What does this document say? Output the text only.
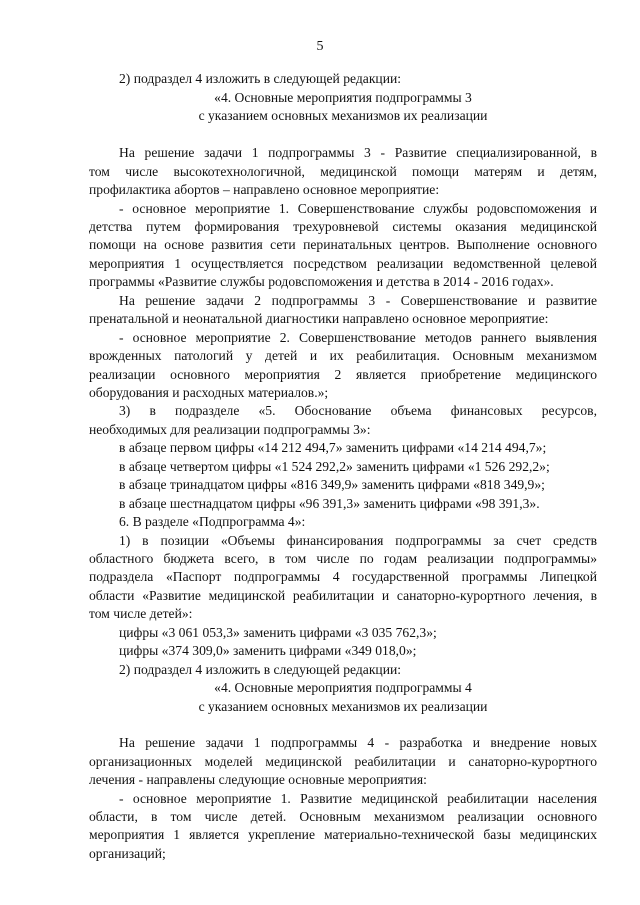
5
2) подраздел 4 изложить в следующей редакции:
«4. Основные мероприятия подпрограммы 3
с указанием основных механизмов их реализации
На решение задачи 1 подпрограммы 3 - Развитие специализированной, в
том числе высокотехнологичной, медицинской помощи матерям и детям,
профилактика абортов – направлено основное мероприятие:
- основное мероприятие 1. Совершенствование службы родовспоможения и
детства путем формирования трехуровневой системы оказания медицинской
помощи на основе развития сети перинатальных центров. Выполнение основного
мероприятия 1 осуществляется посредством реализации ведомственной целевой
программы «Развитие службы родовспоможения и детства в 2014 - 2016 годах».
На решение задачи 2 подпрограммы 3 - Совершенствование и развитие
пренатальной и неонатальной диагностики направлено основное мероприятие:
- основное мероприятие 2. Совершенствование методов раннего выявления
врожденных патологий у детей и их реабилитация. Основным механизмом
реализации основного мероприятия 2 является приобретение медицинского
оборудования и расходных материалов.»;
3) в подразделе «5. Обоснование объема финансовых ресурсов,
необходимых для реализации подпрограммы 3»:
в абзаце первом цифры «14 212 494,7» заменить цифрами «14 214 494,7»;
в абзаце четвертом цифры «1 524 292,2» заменить цифрами «1 526 292,2»;
в абзаце тринадцатом цифры «816 349,9» заменить цифрами «818 349,9»;
в абзаце шестнадцатом цифры «96 391,3» заменить цифрами «98 391,3».
6. В разделе «Подпрограмма 4»:
1) в позиции «Объемы финансирования подпрограммы за счет средств
областного бюджета всего, в том числе по годам реализации подпрограммы»
подраздела «Паспорт подпрограммы 4 государственной программы Липецкой
области «Развитие медицинской реабилитации и санаторно-курортного лечения, в
том числе детей»:
цифры «3 061 053,3» заменить цифрами «3 035 762,3»;
цифры «374 309,0» заменить цифрами «349 018,0»;
2) подраздел 4 изложить в следующей редакции:
«4. Основные мероприятия подпрограммы 4
с указанием основных механизмов их реализации
На решение задачи 1 подпрограммы 4 - разработка и внедрение новых
организационных моделей медицинской реабилитации и санаторно-курортного
лечения - направлены следующие основные мероприятия:
- основное мероприятие 1. Развитие медицинской реабилитации населения
области, в том числе детей. Основным механизмом реализации основного
мероприятия 1 является укрепление материально-технической базы медицинских
организаций;
